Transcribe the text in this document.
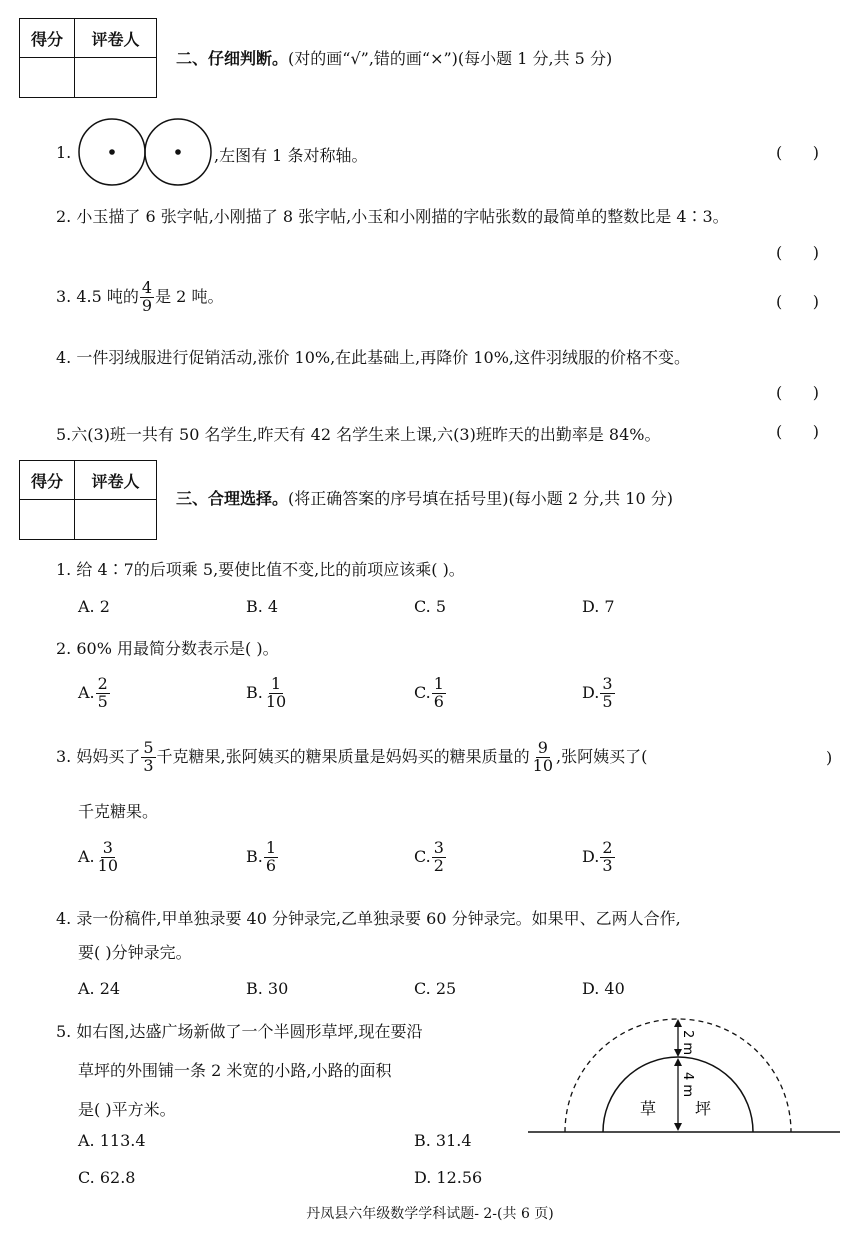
得分	评卷人

二、仔细判断。(对的画“√”,错的画“×”)(每小题 1 分,共 5 分)
1.	,左图有 1 条对称轴。	(      )
2. 小玉描了 6 张字帖,小刚描了 8 张字帖,小玉和小刚描的字帖张数的最简单的整数比是 4∶3。
(      )
3. 4.5 吨的 $\frac{4}{9}$ 是 2 吨。	(      )
4. 一件羽绒服进行促销活动,涨价 10%,在此基础上,再降价 10%,这件羽绒服的价格不变。
(      )
5.六(3)班一共有 50 名学生,昨天有 42 名学生来上课,六(3)班昨天的出勤率是 84%。	(      )
得分	评卷人

三、合理选择。(将正确答案的序号填在括号里)(每小题 2 分,共 10 分)
1. 给 4∶7的后项乘 5,要使比值不变,比的前项应该乘( )。
A. 2	B. 4	C. 5	D. 7
2. 60% 用最简分数表示是( )。
A. $\frac{2}{5}$	B. $\frac{1}{10}$	C. $\frac{1}{6}$	D. $\frac{3}{5}$
3. 妈妈买了 $\frac{5}{3}$ 千克糖果,张阿姨买的糖果质量是妈妈买的糖果质量的 $\frac{9}{10}$ ,张阿姨买了(	)
千克糖果。
A. $\frac{3}{10}$	B. $\frac{1}{6}$	C. $\frac{3}{2}$	D. $\frac{2}{3}$
4. 录一份稿件,甲单独录要 40 分钟录完,乙单独录要 60 分钟录完。如果甲、乙两人合作,
要( )分钟录完。
A. 24	B. 30	C. 25	D. 40
5. 如右图,达盛广场新做了一个半圆形草坪,现在要沿
草坪的外围铺一条 2 米宽的小路,小路的面积
是( )平方米。
A. 113.4	B. 31.4
C. 62.8	D. 12.56
2 m
4 m
草 坪
丹凤县六年级数学学科试题- 2-(共 6 页)
